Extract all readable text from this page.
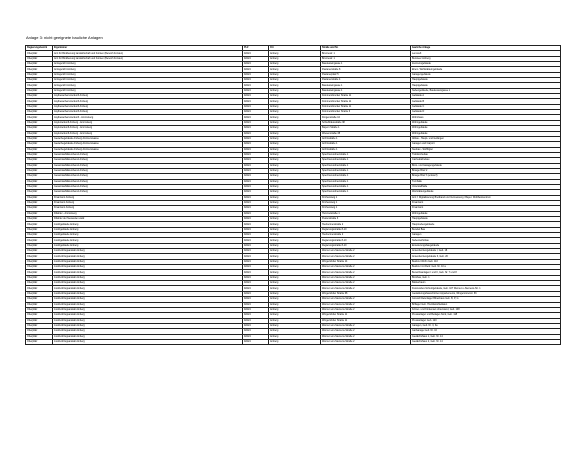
Anlage 3: nicht geeignete bauliche Anlagen
Regierungsbezirk	Eigentümer	PLZ	Ort	Straße und Nr.	bauliche Anlage
Oberpfalz	Amt für Bindbenung landwirtschaft und Forsten (Bereich Forsten)	92224	Amberg	Brunnestr. 1	Lenoneft
Oberpfalz	Amt für Bindbenung landwirtschaft und Forsten (Bereich Forsten)	92224	Amberg	Brunnestr. 1	Bunsteer Amberg
Oberpfalz	Amtsgericht Amberg	92224	Amberg	Baudesteingasse 1	Zentrenngebäude
Oberpfalz	Amtsgericht Amberg	92224	Amberg	Paulanerstraße 8	Ehem. Wohlstätterngebäude
Oberpfalz	Amtsgericht Amberg	92224	Amberg	Paulanerplatz 5	Garagengebäude
Oberpfalz	Amtsgericht Amberg	92224	Amberg	Paulanerstraße 4	Hauptgebäude
Oberpfalz	Amtsgericht Amberg	92224	Amberg	Baudesteingasse 1	Hauptgebäude
Oberpfalz	Amtsgericht Amberg	92224	Amberg	Baudesteingasse 1	Nebengebäude, Baudesteingasse 1
Oberpfalz	Asylbewerberunterkunft Amberg	92224	Amberg	Kümmersbrucker Straße 11	Gebäude A
Oberpfalz	Asylbewerberunterkunft Amberg	92224	Amberg	Kümmersbrucker Straße 11	Gebäude B
Oberpfalz	Asylbewerberunterkunft Amberg	92224	Amberg	Kümmersbrucker Straße 11	Gebäude C
Oberpfalz	Asylbewerberunterkunft Amberg	92224	Amberg	Kümmersbrucker Straße 6	Gebäude D
Oberpfalz	Asylbewerberunterkunft - Ammstverg	92224	Amberg	Drogenstraße 10	Wohnhaus
Oberpfalz	Asylunterkunft Amberg - Ammstverg	92224	Amberg	Schießhäusstraße 38	Wohngebäude
Oberpfalz	Asylunterkunft Amberg - Ammstverg	92224	Amberg	Bayern Straße 1	Wohngebäude
Oberpfalz	Asylunterkunft Amberg - Ammstverg	92224	Amberg	Wiesenstraße 38	Wohngebäude
Oberpfalz	Gewerbegebäude Amberg Amtmerswasse	92224	Amberg	Archivstraße 1	Altbau - Haupt- und Gefängen
Oberpfalz	Gewerbegebäude Amberg Amtmerswasse	92224	Amberg	Archivstraße 1	Garagen und Carport
Oberpfalz	Gewerbegebäude Amberg Amtmerswasse	92224	Amberg	Archivstraße 1	Neubau - Stoffrigter
Oberpfalz	Gesamtaufklärerobereit Amberg	92224	Amberg	Spechtenundnerstraße 1	Trafoküchebau
Oberpfalz	Gesamtaufklärerobereit Amberg	92224	Amberg	Spechtenundnerstraße 1	Cacheküchebau
Oberpfalz	Gesamtaufklärerobereit Amberg	92224	Amberg	Spechtenundnerstraße 1	Büro- und Garagengebäude
Oberpfalz	Gesamtaufklärerobereit Amberg	92224	Amberg	Spechtenundnerstraße 1	Brauge Brief 2
Oberpfalz	Gesamtaufklärerobereit Amberg	92224	Amberg	Spechtenundnerstraße 1	Brauge Brief 3 (entwurf)
Oberpfalz	Gesamtaufklärerobereit Amberg	92224	Amberg	Spechtenundnerstraße 1	Turnhalle
Oberpfalz	Gesamtaufklärerobereit Amberg	92224	Amberg	Spechtenundnerstraße 1	Unterstellhalle
Oberpfalz	Gesamtaufklärerobereit Amberg	92224	Amberg	Spechtenundnerstraße 1	Wertstättengebäude
Oberpfalz	Finanzamt Amberg	92224	Amberg	Kirchensteig 1	Amt f. Digitalisierung Breitband und Vermessung / Bayer. Wohlfestzentrum
Oberpfalz	Finanzamt Amberg	92224	Amberg	Kirchensteig 1	Finanzamt
Oberpfalz	Finanzamt Amberg	92224	Amberg	Kirchensteig 1	Finanzamt
Oberpfalz	Filtahler - Ammstverg	92224	Amberg	Hummelstraße 1	Wohngebäude
Oberpfalz	Filtahler der Neuweiten wald	92224	Amberg	Pestenstraße 3	Hauptgebäude
Oberpfalz	Justizgebäude Amberg	92224	Amberg	Heuhermenstraße 2	Hauptnebengebäude
Oberpfalz	Justizgebäude Amberg	92224	Amberg	Regierungsstraße 8-10	Bereitel Bau
Oberpfalz	Justizgebäude Amberg	92224	Amberg	Heuhermenstraße 2	Garagen
Oberpfalz	Justizgebäude Amberg	92224	Amberg	Regierungsstraße 8-10	Nebenwohnbau
Oberpfalz	Justizgebäude Amberg	92224	Amberg	Regierungsstraße 8-10	Erweiterungsbaugebäude
Oberpfalz	Justizvollzugsanstalt Amberg	92224	Amberg	Werner-von-Siemens-Straße 2	Ansenderniengebäude I, Geb. 18
Oberpfalz	Justizvollzugsanstalt Amberg	92224	Amberg	Werner-von-Siemens-Straße 2	Ansenderniengebäude II, Geb. 20
Oberpfalz	Justizvollzugsanstalt Amberg	92224	Amberg	Wingershofer Straße 14	Besitzer Wohn Geb. 110
Oberpfalz	Justizvollzugsanstalt Amberg	92224	Amberg	Werner-von-Siemens-Straße 2	Besitzer mit Rettr. Geb. Nr. 10 a
Oberpfalz	Justizvollzugsanstalt Amberg	92224	Amberg	Werner-von-Siemens-Straße 2	Bereichsanlagen I und II, Geb. Nr. 7 und 8
Oberpfalz	Justizvollzugsanstalt Amberg	92224	Amberg	Werner-von-Siemens-Straße 2	Bürobau, Geb. 1
Oberpfalz	Justizvollzugsanstalt Amberg	92224	Amberg	Werner-von-Siemens-Straße 2	Bäckerbaum
Oberpfalz	Justizvollzugsanstalt Amberg	92224	Amberg	Werner-von-Siemens-Straße 2	Freistunden-Schutzgebäude, Geb. 107 Werner-v.-Siemens-Str. 1
Oberpfalz	Justizvollzugsanstalt Amberg	92224	Amberg	Wingershofer Straße 68	Gestaltunngsbauschützen Appartements, Wingerstorerstr. 66
Oberpfalz	Justizvollzugsanstalt Amberg	92224	Amberg	Werner-von-Siemens-Straße 2	Ground Dielenlager Bibeshaus Geb. B, P, G
Oberpfalz	Justizvollzugsanstalt Amberg	92224	Amberg	Werner-von-Siemens-Straße 2	Brillager Geb. Hw-Maroshtellaten
Oberpfalz	Justizvollzugsanstalt Amberg	92224	Amberg	Werner-von-Siemens-Straße 2	Körner- und Krnkensel-Unterstand, Geb. 108
Oberpfalz	Justizvollzugsanstalt Amberg	92224	Amberg	Wingershofer Straße 11	Pressanlager und Beilager-Nord, Geb. 118
Oberpfalz	Justizvollzugsanstalt Amberg	92224	Amberg	Wingershofer Straße 11	Pressanlager Geb. 120
Oberpfalz	Justizvollzugsanstalt Amberg	92224	Amberg	Werner-von-Siemens-Straße 2	Garagen, Geb. Nr. 3, 3a
Oberpfalz	Justizvollzugsanstalt Amberg	92224	Amberg	Werner-von-Siemens-Straße 2	Garbanage Geb. Nr. 16
Oberpfalz	Justizvollzugsanstalt Amberg	92224	Amberg	Werner-von-Siemens-Straße 2	Gewächshaus 1, Geb. Nr. 14
Oberpfalz	Justizvollzugsanstalt Amberg	92224	Amberg	Werner-von-Siemens-Straße 2	Gewächshaus 2, Geb. Nr. 14
